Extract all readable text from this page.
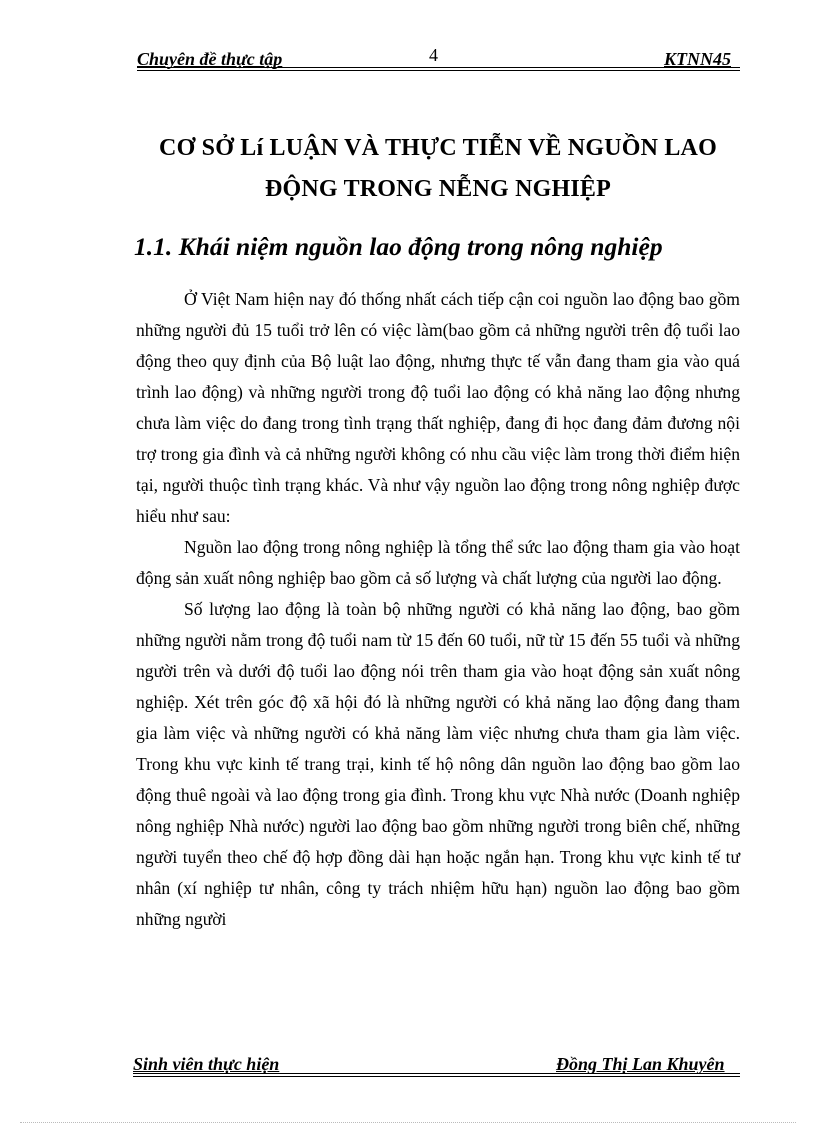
Chuyên đề thực tập	4	KTNN45
CƠ SỞ Lí LUẬN VÀ THỰC TIỄN VỀ NGUỒN LAO
ĐỘNG TRONG NỄNG NGHIỆP
1.1. Khái niệm nguồn lao động trong nông nghiệp

Ở Việt Nam hiện nay đó thống nhất cách tiếp cận coi nguồn lao động bao gồm những người đủ 15 tuổi trở lên có việc làm(bao gồm cả những người trên độ tuổi lao động theo quy định của Bộ luật lao động, nhưng thực tế vẫn đang tham gia vào quá trình lao động) và những người trong độ tuổi lao động có khả năng lao động nhưng chưa làm việc do đang trong tình trạng thất nghiệp, đang đi học đang đảm đương nội trợ trong gia đình và cả những người không có nhu cầu việc làm trong thời điểm hiện tại, người thuộc tình trạng khác. Và như vậy nguồn lao động trong nông nghiệp được hiểu như sau:

Nguồn lao động trong nông nghiệp là tổng thể sức lao động tham gia vào hoạt động sản xuất nông nghiệp bao gồm cả số lượng và chất lượng của người lao động.

Số lượng lao động là toàn bộ những người có khả năng lao động, bao gồm những người nằm trong độ tuổi nam từ 15 đến 60 tuổi, nữ từ 15 đến 55 tuổi và những người trên và dưới độ tuổi lao động nói trên tham gia vào hoạt động sản xuất nông nghiệp. Xét trên góc độ xã hội đó là những người có khả năng lao động đang tham gia làm việc và những người có khả năng làm việc nhưng chưa tham gia làm việc. Trong khu vực kinh tế trang trại, kinh tế hộ nông dân nguồn lao động bao gồm lao động thuê ngoài và lao động trong gia đình. Trong khu vực Nhà nước (Doanh nghiệp nông nghiệp Nhà nước) người lao động bao gồm những người trong biên chế, những người tuyển theo chế độ hợp đồng dài hạn hoặc ngắn hạn. Trong khu vực kinh tế tư nhân (xí nghiệp tư nhân, công ty trách nhiệm hữu hạn) nguồn lao động bao gồm những người

Sinh viên thực hiện	Đồng Thị Lan Khuyên
